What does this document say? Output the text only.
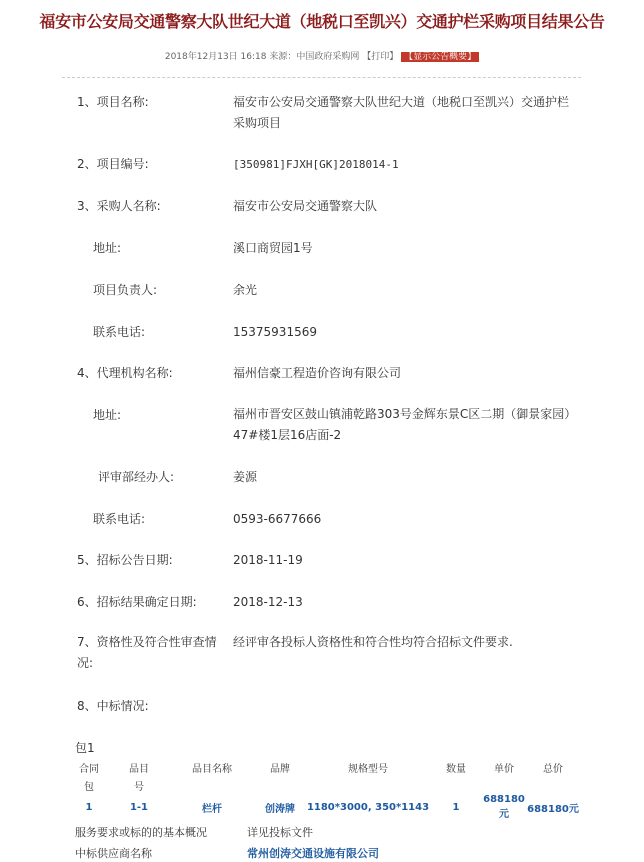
福安市公安局交通警察大队世纪大道（地税口至凯兴）交通护栏采购项目结果公告
2018年12月13日 16:18 来源：中国政府采购网 【打印】 【显示公告概要】
1、项目名称:	福安市公安局交通警察大队世纪大道（地税口至凯兴）交通护栏
采购项目
2、项目编号:	[350981]FJXH[GK]2018014-1
3、采购人名称:	福安市公安局交通警察大队
地址:	溪口商贸园1号
项目负责人:	余光
联系电话:	15375931569
4、代理机构名称:	福州信豪工程造价咨询有限公司
地址:	福州市晋安区鼓山镇浦乾路303号金辉东景C区二期（御景家园）
47#楼1层16店面-2
评审部经办人:	姜源
联系电话:	0593-6677666
5、招标公告日期:	2018-11-19
6、招标结果确定日期:	2018-12-13
7、资格性及符合性审查情
况:
经评审各投标人资格性和符合性均符合招标文件要求.
8、中标情况:
包1
合同	品目	品目名称	品牌	规格型号	数量	单价	总价
包	号						
1	1-1	栏杆	创涛牌	1180*3000, 350*1143	1	688180元	688180元
服务要求或标的的基本概况	详见投标文件
中标供应商名称	常州创涛交通设施有限公司
